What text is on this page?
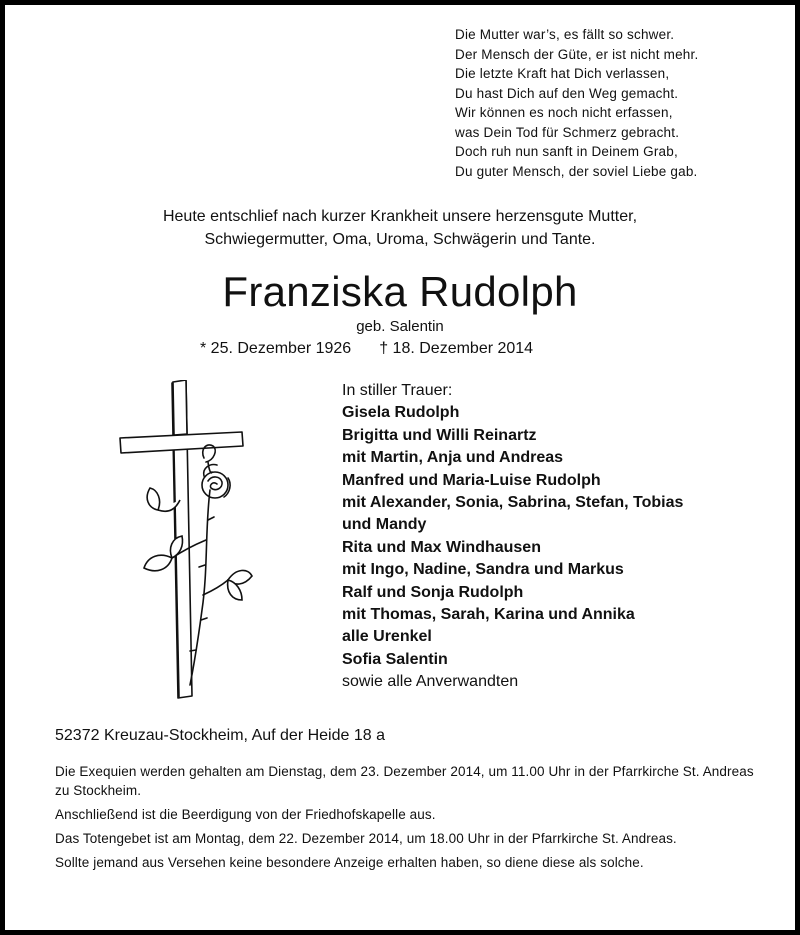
Die Mutter war’s, es fällt so schwer.
Der Mensch der Güte, er ist nicht mehr.
Die letzte Kraft hat Dich verlassen,
Du hast Dich auf den Weg gemacht.
Wir können es noch nicht erfassen,
was Dein Tod für Schmerz gebracht.
Doch ruh nun sanft in Deinem Grab,
Du guter Mensch, der soviel Liebe gab.
Heute entschlief nach kurzer Krankheit unsere herzensgute Mutter,
Schwiegermutter, Oma, Uroma, Schwägerin und Tante.
Franziska Rudolph
geb. Salentin
* 25. Dezember 1926 † 18. Dezember 2014
In stiller Trauer:
Gisela Rudolph
Brigitta und Willi Reinartz
mit Martin, Anja und Andreas
Manfred und Maria-Luise Rudolph
mit Alexander, Sonia, Sabrina, Stefan, Tobias
und Mandy
Rita und Max Windhausen
mit Ingo, Nadine, Sandra und Markus
Ralf und Sonja Rudolph
mit Thomas, Sarah, Karina und Annika
alle Urenkel
Sofia Salentin
sowie alle Anverwandten
52372 Kreuzau-Stockheim, Auf der Heide 18 a

Die Exequien werden gehalten am Dienstag, dem 23. Dezember 2014, um 11.00 Uhr in der Pfarrkirche St. Andreas zu Stockheim.

Anschließend ist die Beerdigung von der Friedhofskapelle aus.

Das Totengebet ist am Montag, dem 22. Dezember 2014, um 18.00 Uhr in der Pfarrkirche St. Andreas.

Sollte jemand aus Versehen keine besondere Anzeige erhalten haben, so diene diese als solche.
